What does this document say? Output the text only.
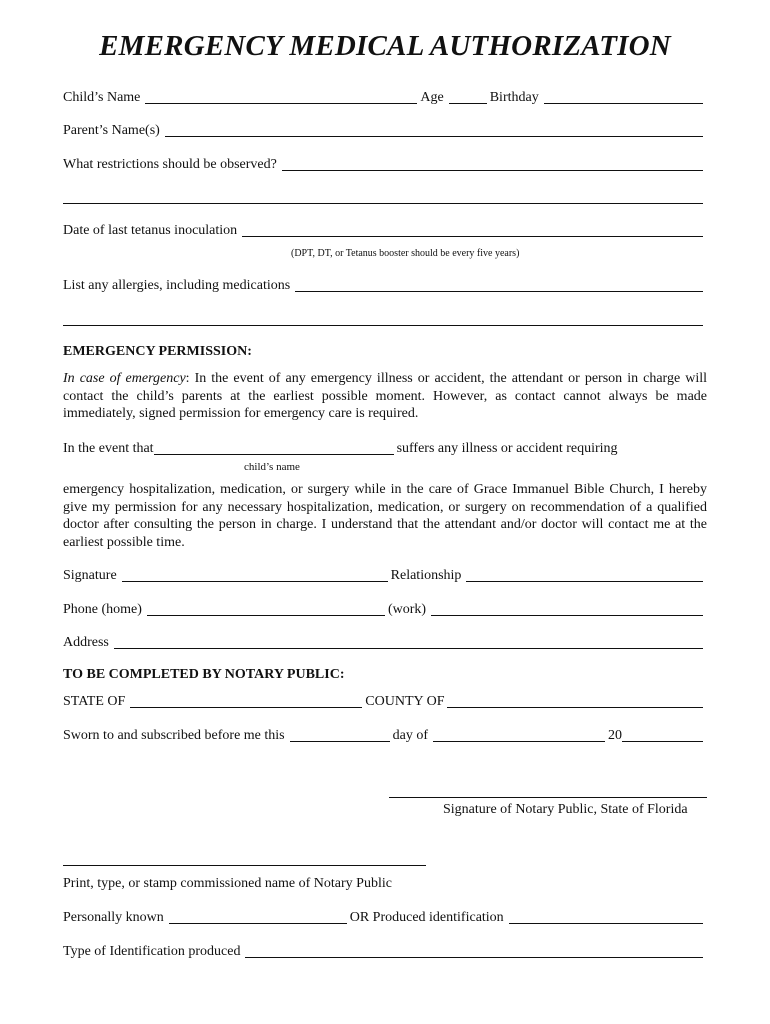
EMERGENCY MEDICAL AUTHORIZATION
Child’s Name	Age	Birthday
Parent’s Name(s)
What restrictions should be observed?
Date of last tetanus inoculation
(DPT, DT, or Tetanus booster should be every five years)
List any allergies, including medications
EMERGENCY PERMISSION:
In case of emergency: In the event of any emergency illness or accident, the attendant or person in charge will contact the child’s parents at the earliest possible moment. However, as contact cannot always be made immediately, signed permission for emergency care is required.
In the event that	suffers any illness or accident requiring
child’s name
emergency hospitalization, medication, or surgery while in the care of Grace Immanuel Bible Church, I hereby give my permission for any necessary hospitalization, medication, or surgery on recommendation of a qualified doctor after consulting the person in charge. I understand that the attendant and/or doctor will contact me at the earliest possible time.
Signature	Relationship
Phone (home)	(work)
Address
TO BE COMPLETED BY NOTARY PUBLIC:
STATE OF	COUNTY OF
Sworn to and subscribed before me this	day of	20
Signature of Notary Public, State of Florida
Print, type, or stamp commissioned name of Notary Public
Personally known	OR Produced identification
Type of Identification produced
